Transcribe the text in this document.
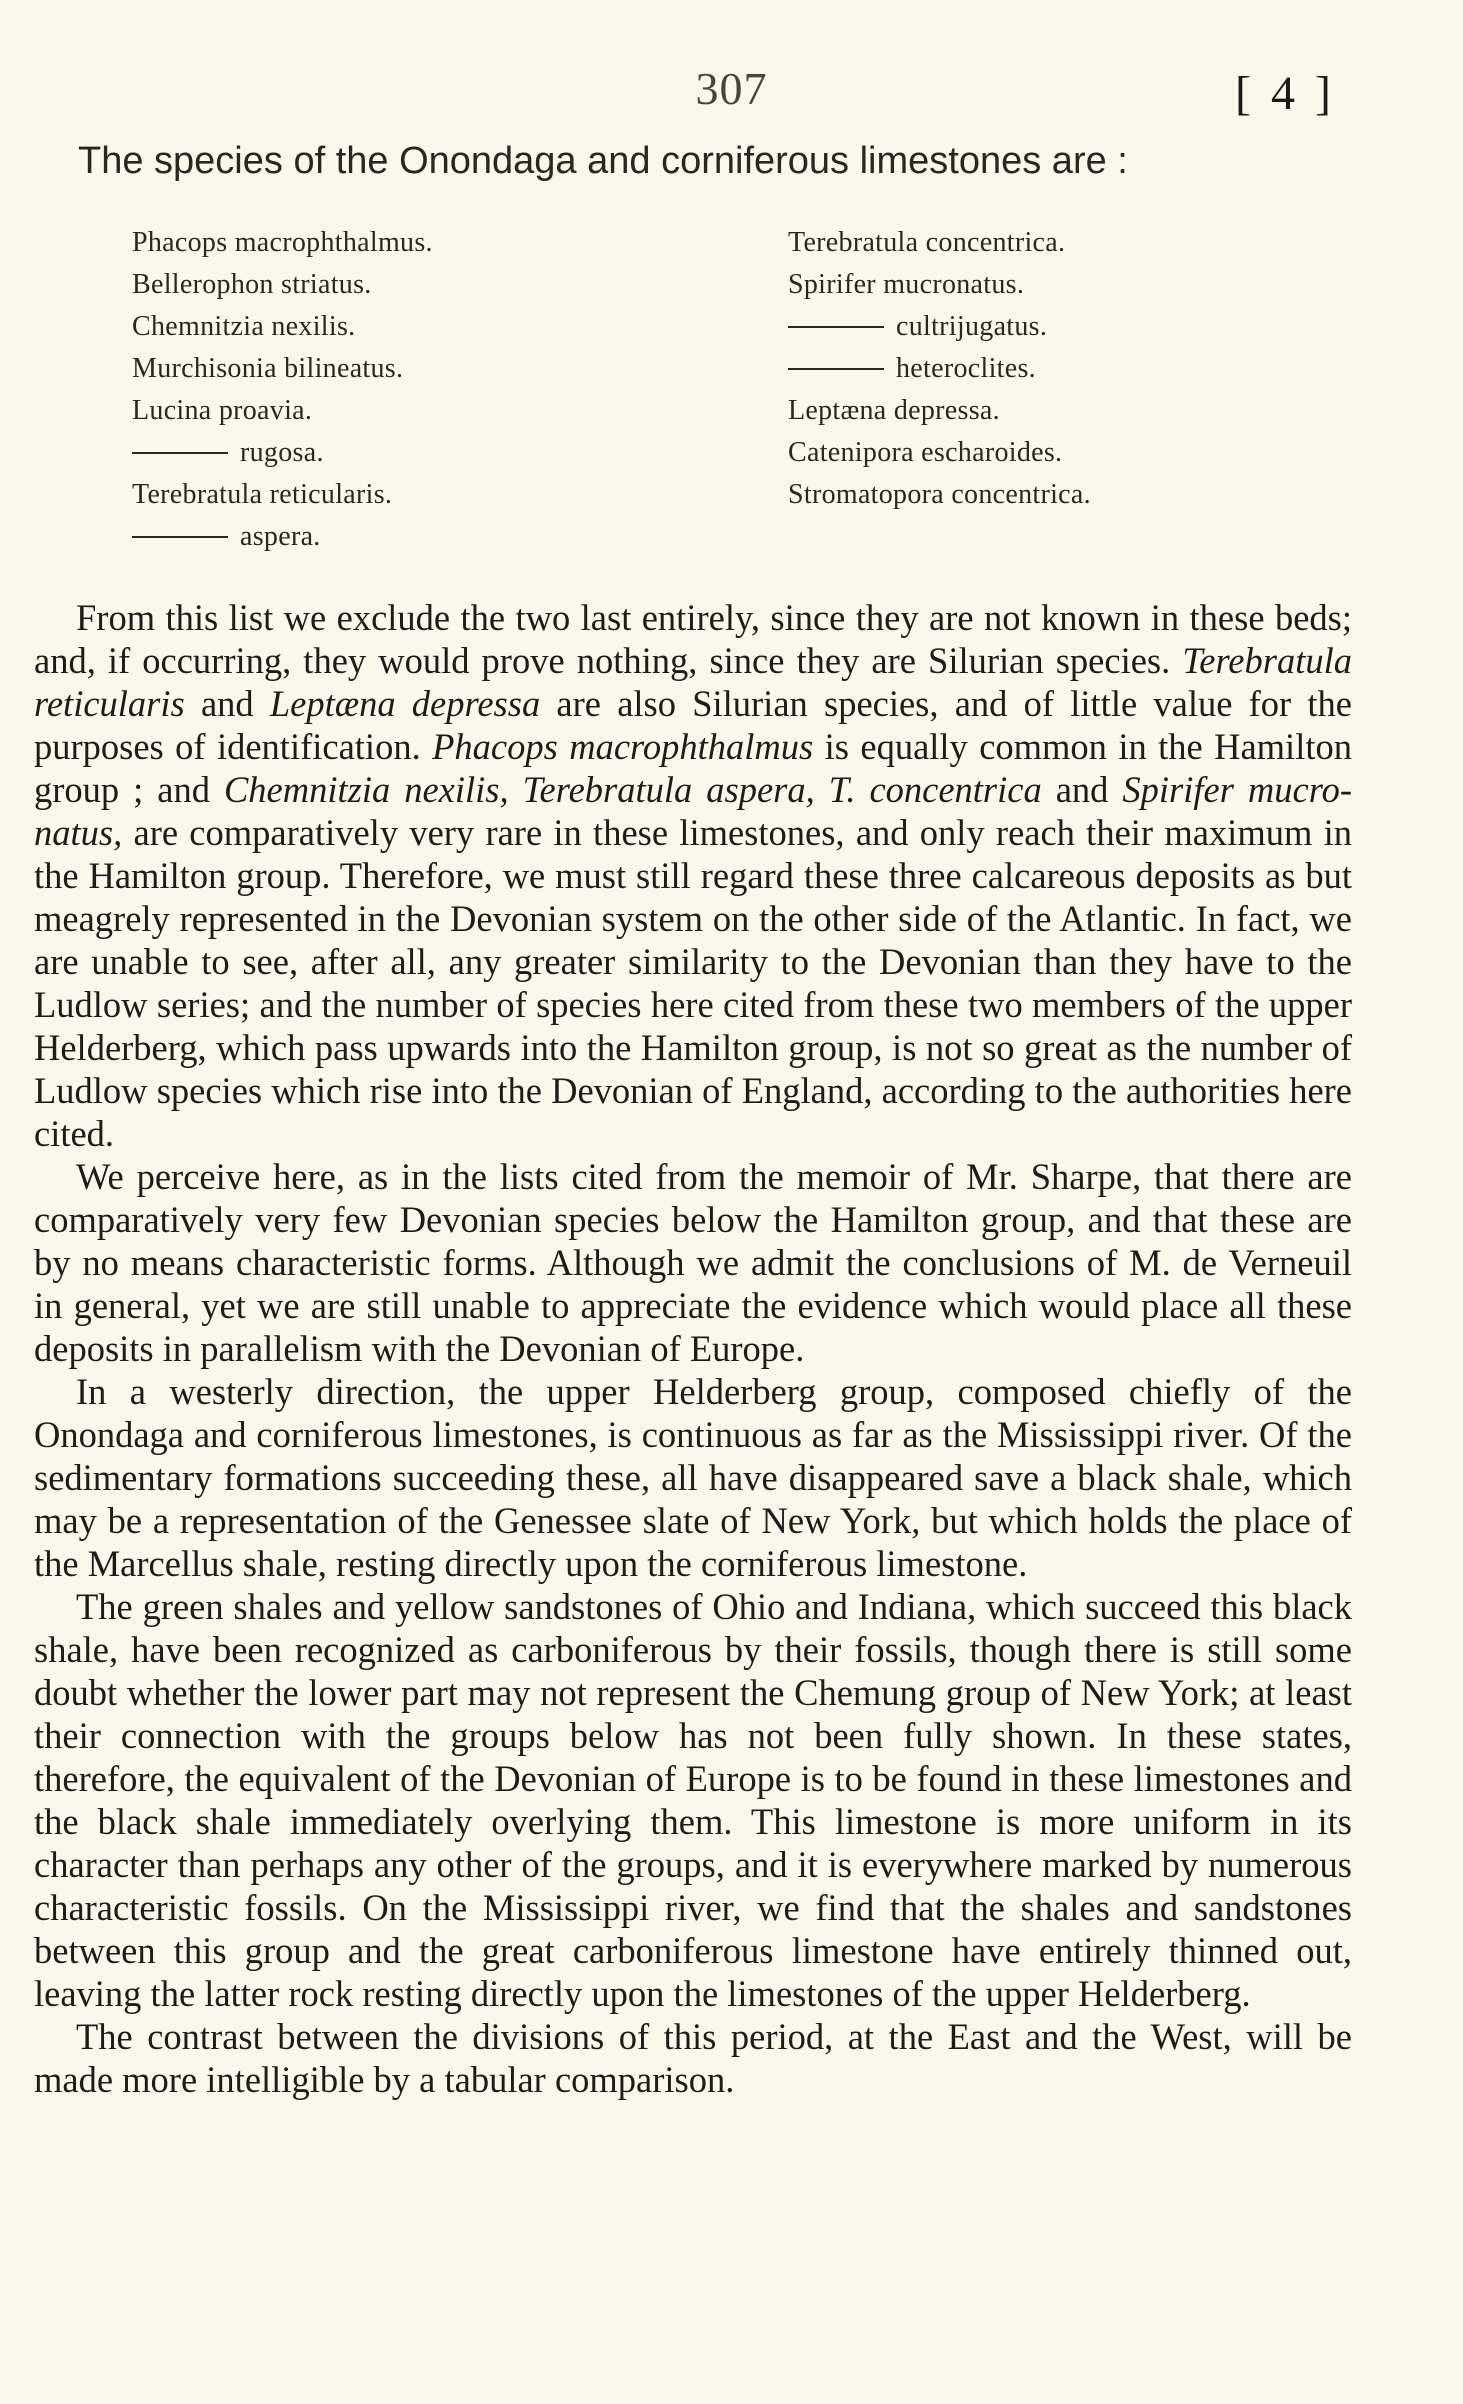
307	[ 4 ]
The species of the Onondaga and corniferous limestones are :
Phacops macrophthalmus.
Bellerophon striatus.
Chemnitzia nexilis.
Murchisonia bilineatus.
Lucina proavia.
rugosa.
Terebratula reticularis.
aspera.
Terebratula concentrica.
Spirifer mucronatus.
cultrijugatus.
heteroclites.
Leptæna depressa.
Catenipora escharoides.
Stromatopora concentrica.

From this list we exclude the two last entirely, since they are not known in these beds; and, if occurring, they would prove nothing, since they are Silurian species. Terebratula reticularis and Leptæna depressa are also Silurian species, and of little value for the purposes of identification. Phacops macrophthalmus is equally common in the Hamilton group ; and Chemnitzia nexilis, Terebratula aspera, T. concentrica and Spirifer mucronatus, are comparatively very rare in these limestones, and only reach their maximum in the Hamilton group. Therefore, we must still regard these three calcareous deposits as but meagrely represented in the Devonian system on the other side of the Atlantic. In fact, we are unable to see, after all, any greater similarity to the Devonian than they have to the Ludlow series; and the number of species here cited from these two members of the upper Helderberg, which pass upwards into the Hamilton group, is not so great as the number of Ludlow species which rise into the Devonian of England, according to the authorities here cited.

We perceive here, as in the lists cited from the memoir of Mr. Sharpe, that there are comparatively very few Devonian species below the Hamilton group, and that these are by no means characteristic forms. Although we admit the conclusions of M. de Verneuil in general, yet we are still unable to appreciate the evidence which would place all these deposits in parallelism with the Devonian of Europe.

In a westerly direction, the upper Helderberg group, composed chiefly of the Onondaga and corniferous limestones, is continuous as far as the Mississippi river. Of the sedimentary formations succeeding these, all have disappeared save a black shale, which may be a representation of the Genessee slate of New York, but which holds the place of the Marcellus shale, resting directly upon the corniferous limestone.

The green shales and yellow sandstones of Ohio and Indiana, which succeed this black shale, have been recognized as carboniferous by their fossils, though there is still some doubt whether the lower part may not represent the Chemung group of New York; at least their connection with the groups below has not been fully shown. In these states, therefore, the equivalent of the Devonian of Europe is to be found in these limestones and the black shale immediately overlying them. This limestone is more uniform in its character than perhaps any other of the groups, and it is everywhere marked by numerous characteristic fossils. On the Mississippi river, we find that the shales and sandstones between this group and the great carboniferous limestone have entirely thinned out, leaving the latter rock resting directly upon the limestones of the upper Helderberg.

The contrast between the divisions of this period, at the East and the West, will be made more intelligible by a tabular comparison.
